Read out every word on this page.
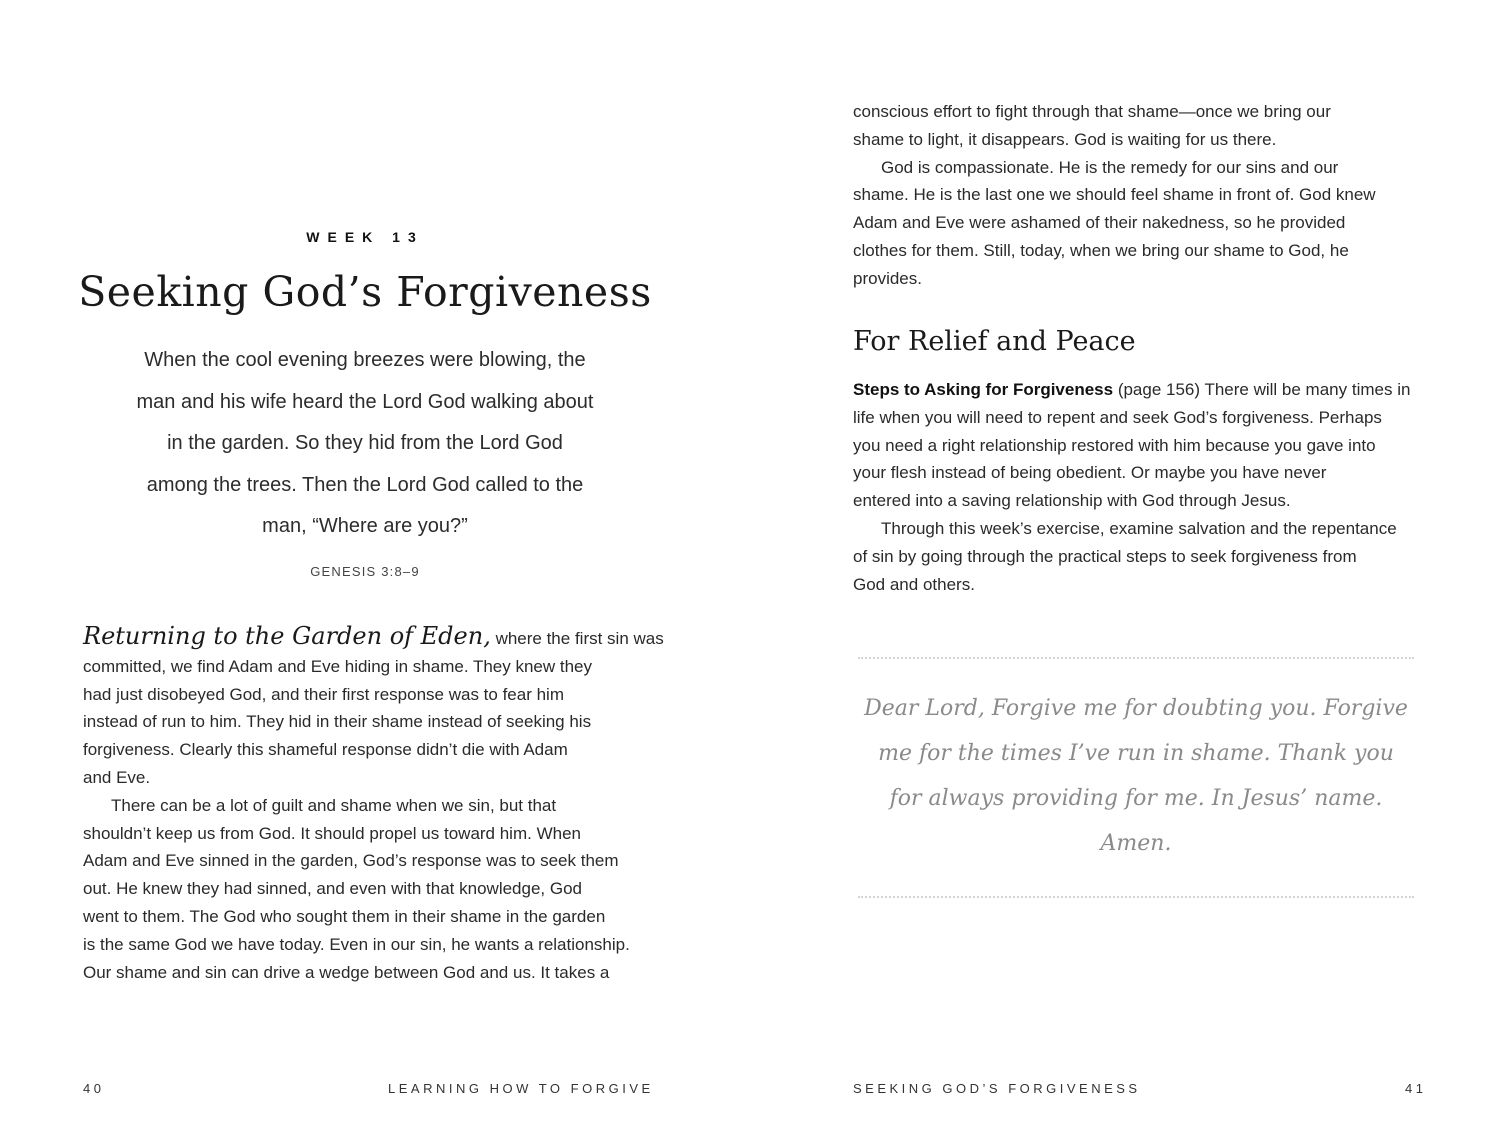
WEEK 13
Seeking God’s Forgiveness
When the cool evening breezes were blowing, the
man and his wife heard the Lord God walking about
in the garden. So they hid from the Lord God
among the trees. Then the Lord God called to the
man, “Where are you?”
GENESIS 3:8–9
Returning to the Garden of Eden, where the first sin was
committed, we find Adam and Eve hiding in shame. They knew they
had just disobeyed God, and their first response was to fear him
instead of run to him. They hid in their shame instead of seeking his
forgiveness. Clearly this shameful response didn’t die with Adam
and Eve.
There can be a lot of guilt and shame when we sin, but that
shouldn’t keep us from God. It should propel us toward him. When
Adam and Eve sinned in the garden, God’s response was to seek them
out. He knew they had sinned, and even with that knowledge, God
went to them. The God who sought them in their shame in the garden
is the same God we have today. Even in our sin, he wants a relationship.
Our shame and sin can drive a wedge between God and us. It takes a
40	LEARNING HOW TO FORGIVE
conscious effort to fight through that shame—once we bring our
shame to light, it disappears. God is waiting for us there.
God is compassionate. He is the remedy for our sins and our
shame. He is the last one we should feel shame in front of. God knew
Adam and Eve were ashamed of their nakedness, so he provided
clothes for them. Still, today, when we bring our shame to God, he
provides.
For Relief and Peace
Steps to Asking for Forgiveness (page 156) There will be many times in
life when you will need to repent and seek God’s forgiveness. Perhaps
you need a right relationship restored with him because you gave into
your flesh instead of being obedient. Or maybe you have never
entered into a saving relationship with God through Jesus.
Through this week’s exercise, examine salvation and the repentance
of sin by going through the practical steps to seek forgiveness from
God and others.
Dear Lord, Forgive me for doubting you. Forgive
me for the times I’ve run in shame. Thank you
for always providing for me. In Jesus’ name.
Amen.
SEEKING GOD’S FORGIVENESS	41
